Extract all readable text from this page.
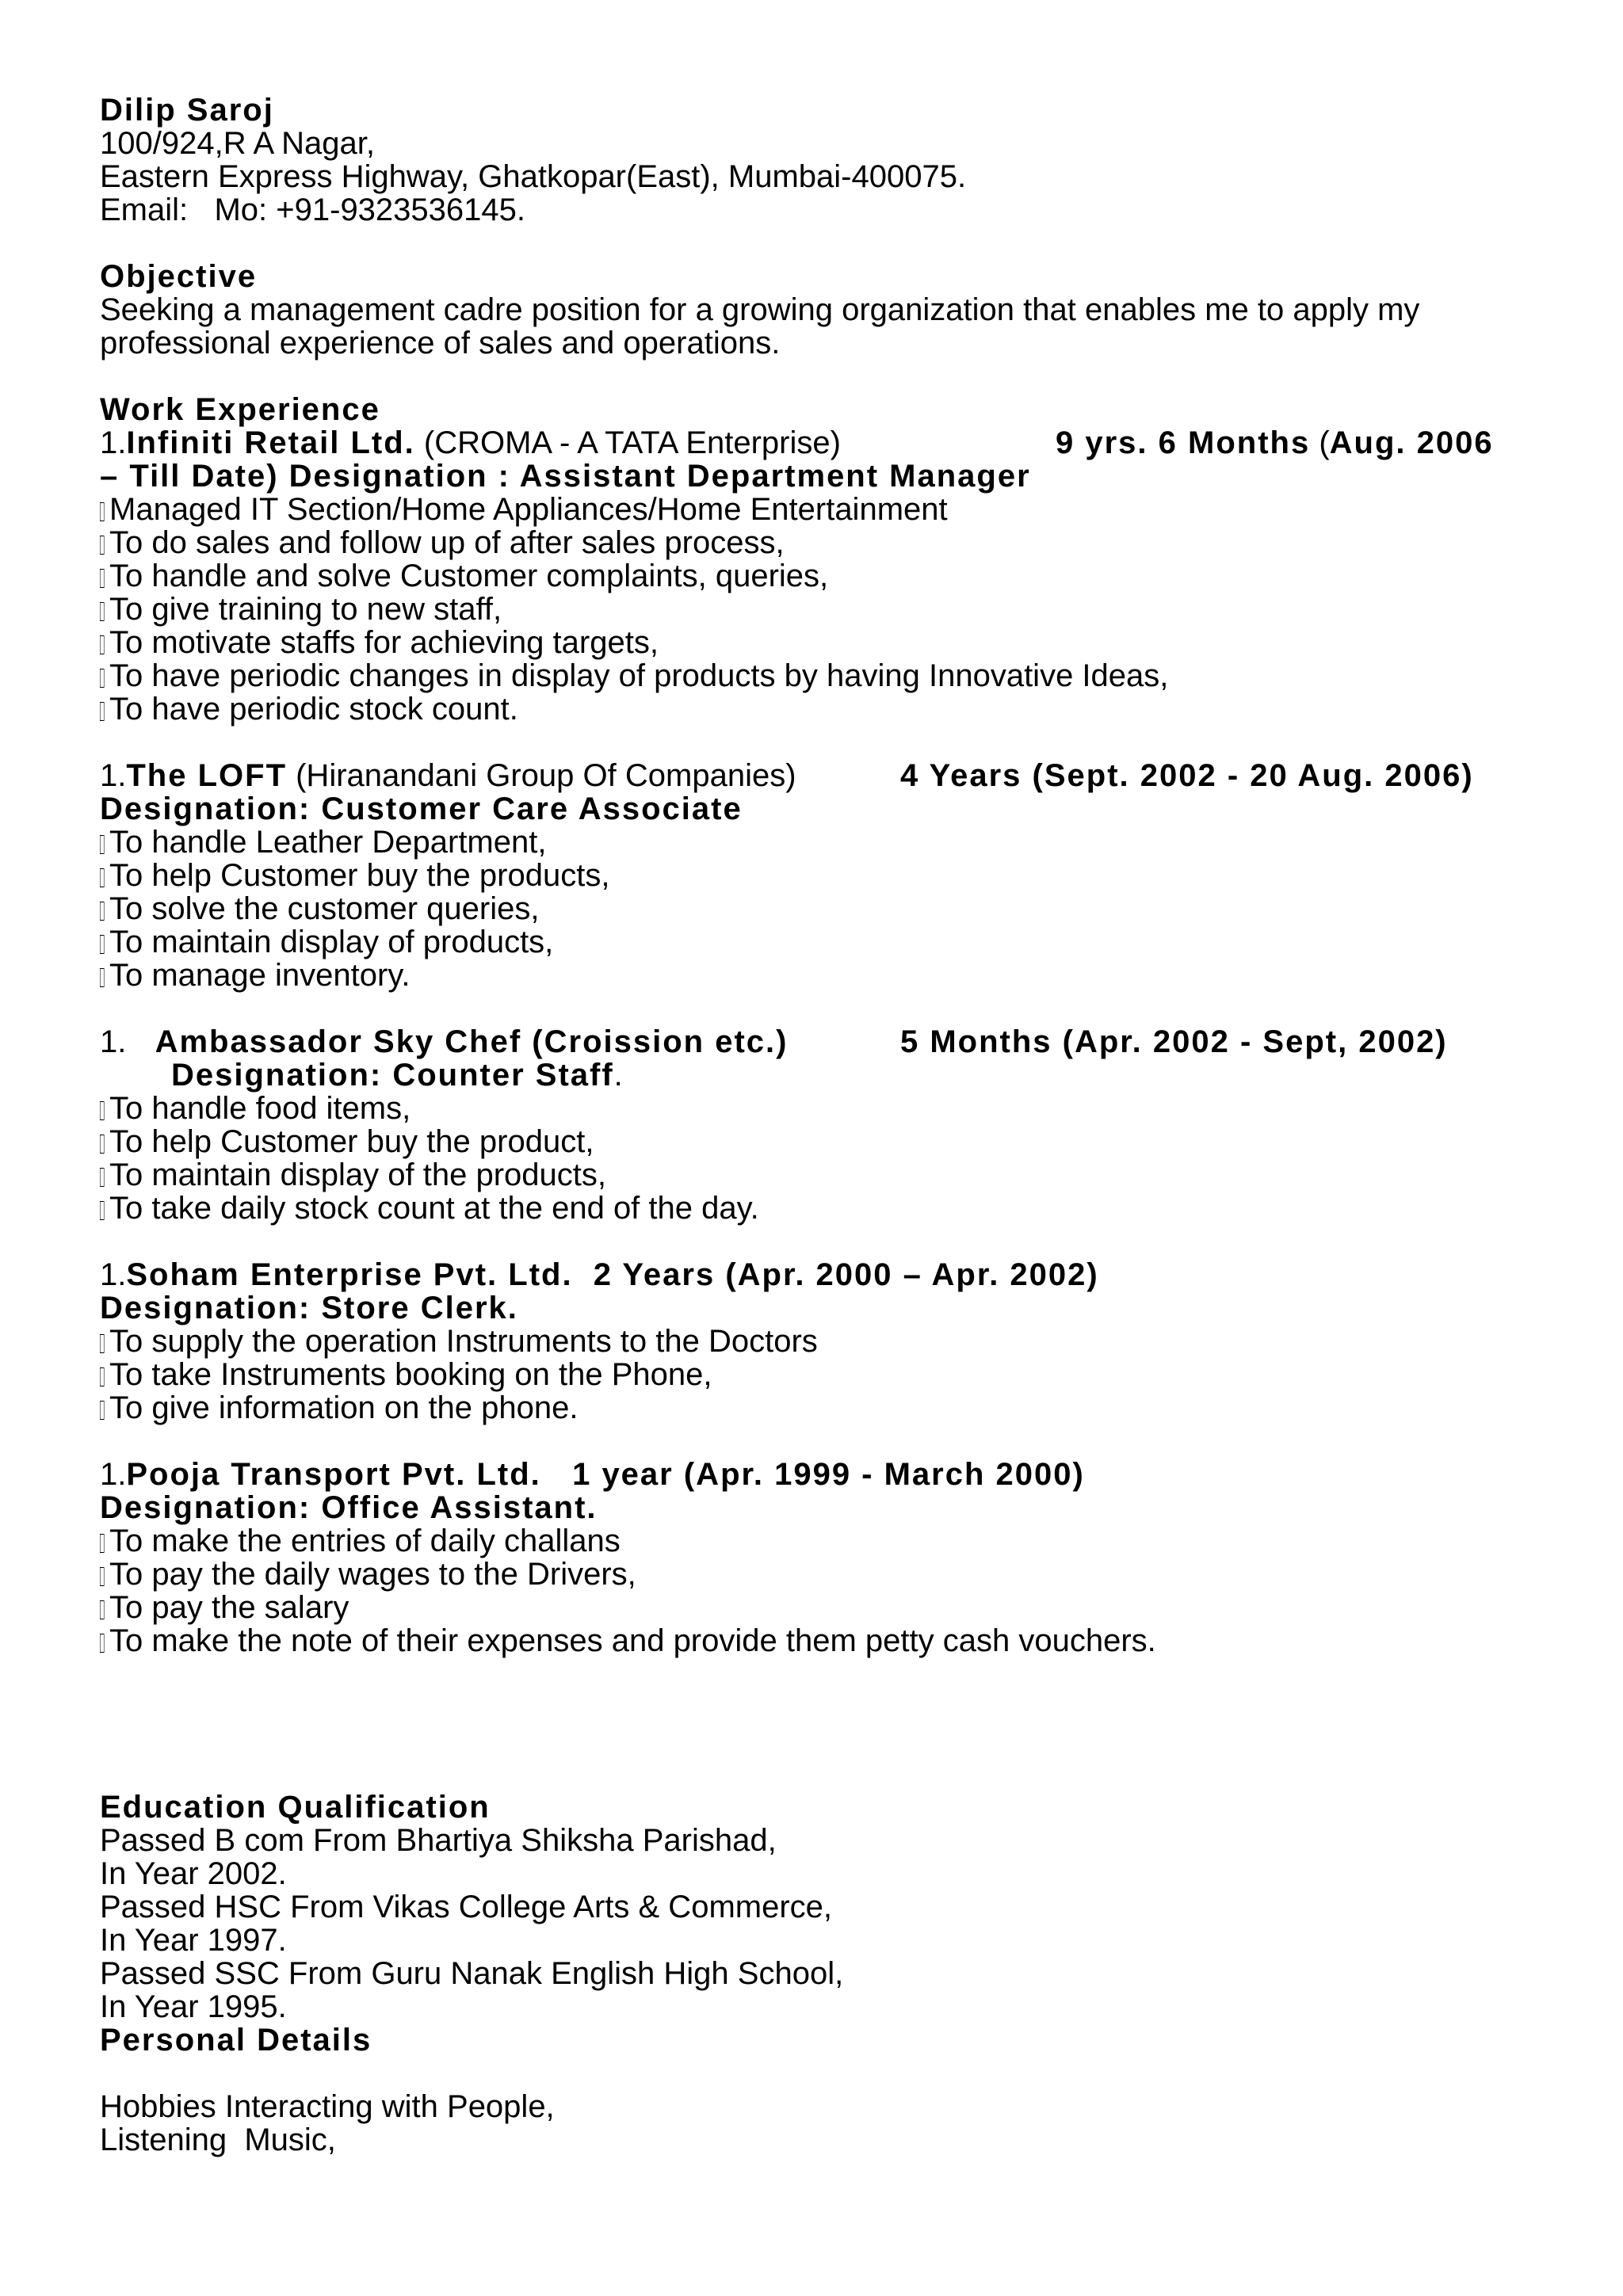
Dilip Saroj
100/924,R A Nagar,
Eastern Express Highway, Ghatkopar(East), Mumbai-400075.
Email:   Mo: +91-9323536145.
Objective
Seeking a management cadre position for a growing organization that enables me to apply my
professional experience of sales and operations.
Work Experience
1.Infiniti Retail Ltd. (CROMA - A TATA Enterprise)	9 yrs. 6 Months (Aug. 2006
– Till Date) Designation : Assistant Department Manager
Managed IT Section/Home Appliances/Home Entertainment
To do sales and follow up of after sales process,
To handle and solve Customer complaints, queries,
To give training to new staff,
To motivate staffs for achieving targets,
To have periodic changes in display of products by having Innovative Ideas,
To have periodic stock count.
1.The LOFT (Hiranandani Group Of Companies)	4 Years (Sept. 2002 - 20 Aug. 2006)
Designation: Customer Care Associate
To handle Leather Department,
To help Customer buy the products,
To solve the customer queries,
To maintain display of products,
To manage inventory.
1.  Ambassador Sky Chef (Croission etc.)	5 Months (Apr. 2002 - Sept, 2002)
Designation: Counter Staff.
To handle food items,
To help Customer buy the product,
To maintain display of the products,
To take daily stock count at the end of the day.
1.Soham Enterprise Pvt. Ltd.  2 Years (Apr. 2000 – Apr. 2002)
Designation: Store Clerk.
To supply the operation Instruments to the Doctors
To take Instruments booking on the Phone,
To give information on the phone.
1.Pooja Transport Pvt. Ltd.   1 year (Apr. 1999 - March 2000)
Designation: Office Assistant.
To make the entries of daily challans
To pay the daily wages to the Drivers,
To pay the salary
To make the note of their expenses and provide them petty cash vouchers.
Education Qualification
Passed B com From Bhartiya Shiksha Parishad,
In Year 2002.
Passed HSC From Vikas College Arts & Commerce,
In Year 1997.
Passed SSC From Guru Nanak English High School,
In Year 1995.
Personal Details
Hobbies Interacting with People,
Listening  Music,
